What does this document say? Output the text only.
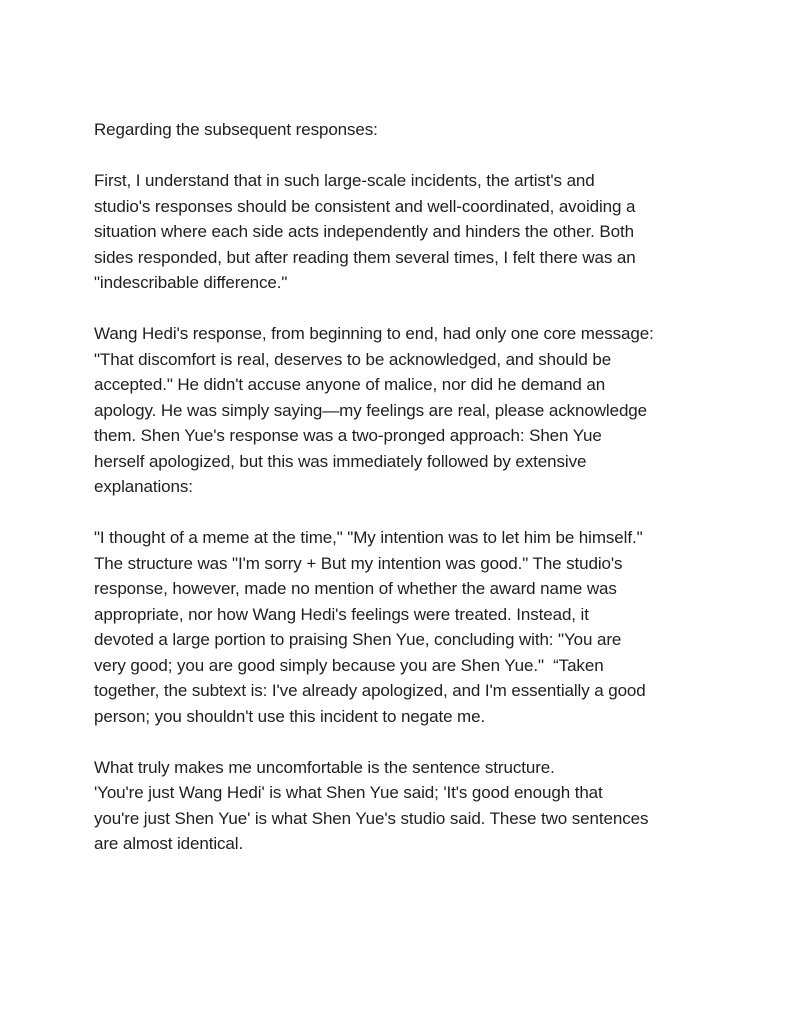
Regarding the subsequent responses:

First, I understand that in such large-scale incidents, the artist's and
studio's responses should be consistent and well-coordinated, avoiding a
situation where each side acts independently and hinders the other. Both
sides responded, but after reading them several times, I felt there was an
"indescribable difference."

Wang Hedi's response, from beginning to end, had only one core message:
"That discomfort is real, deserves to be acknowledged, and should be
accepted." He didn't accuse anyone of malice, nor did he demand an
apology. He was simply saying—my feelings are real, please acknowledge
them. Shen Yue's response was a two-pronged approach: Shen Yue
herself apologized, but this was immediately followed by extensive
explanations:

"I thought of a meme at the time," "My intention was to let him be himself."
The structure was "I'm sorry + But my intention was good." The studio's
response, however, made no mention of whether the award name was
appropriate, nor how Wang Hedi's feelings were treated. Instead, it
devoted a large portion to praising Shen Yue, concluding with: "You are
very good; you are good simply because you are Shen Yue."  “Taken
together, the subtext is: I've already apologized, and I'm essentially a good
person; you shouldn't use this incident to negate me.

What truly makes me uncomfortable is the sentence structure.
'You're just Wang Hedi' is what Shen Yue said; 'It's good enough that
you're just Shen Yue' is what Shen Yue's studio said. These two sentences
are almost identical.
